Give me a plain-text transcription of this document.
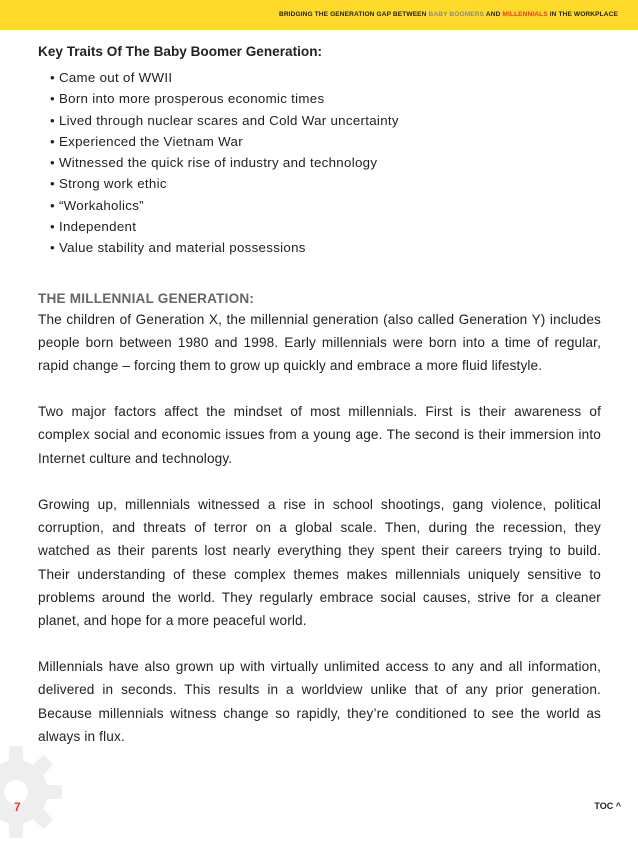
BRIDGING THE GENERATION GAP BETWEEN BABY BOOMERS AND MILLENNIALS IN THE WORKPLACE
Key Traits Of The Baby Boomer Generation:
• Came out of WWII
• Born into more prosperous economic times
• Lived through nuclear scares and Cold War uncertainty
• Experienced the Vietnam War
• Witnessed the quick rise of industry and technology
• Strong work ethic
• “Workaholics”
• Independent
• Value stability and material possessions
THE MILLENNIAL GENERATION:

The children of Generation X, the millennial generation (also called Generation Y) includes people born between 1980 and 1998. Early millennials were born into a time of regular, rapid change – forcing them to grow up quickly and embrace a more fluid lifestyle.

Two major factors affect the mindset of most millennials. First is their awareness of complex social and economic issues from a young age. The second is their immersion into Internet culture and technology.

Growing up, millennials witnessed a rise in school shootings, gang violence, political corruption, and threats of terror on a global scale. Then, during the recession, they watched as their parents lost nearly everything they spent their careers trying to build. Their understanding of these complex themes makes millennials uniquely sensitive to problems around the world. They regularly embrace social causes, strive for a cleaner planet, and hope for a more peaceful world.

Millennials have also grown up with virtually unlimited access to any and all information, delivered in seconds. This results in a worldview unlike that of any prior generation. Because millennials witness change so rapidly, they’re conditioned to see the world as always in flux.

7	TOC ^
